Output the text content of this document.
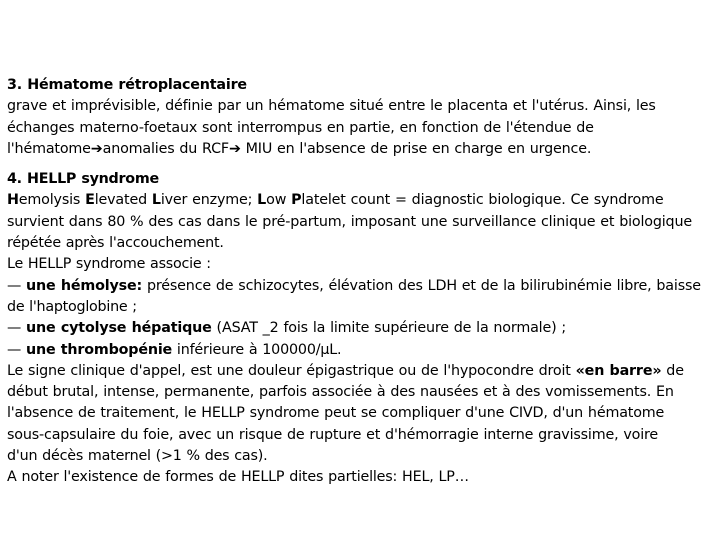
3. Hématome rétroplacentaire
grave et imprévisible, définie par un hématome situé entre le placenta et l'utérus. Ainsi, les
échanges materno-foetaux sont interrompus en partie, en fonction de l'étendue de
l'hématome➔anomalies du RCF➔ MIU en l'absence de prise en charge en urgence.
4. HELLP syndrome
Hemolysis Elevated Liver enzyme; Low Platelet count = diagnostic biologique. Ce syndrome
survient dans 80 % des cas dans le pré-partum, imposant une surveillance clinique et biologique
répétée après l'accouchement.
Le HELLP syndrome associe :
— une hémolyse: présence de schizocytes, élévation des LDH et de la bilirubinémie libre, baisse
de l'haptoglobine ;
— une cytolyse hépatique (ASAT _2 fois la limite supérieure de la normale) ;
— une thrombopénie inférieure à 100000/µL.
Le signe clinique d'appel, est une douleur épigastrique ou de l'hypocondre droit «en barre» de
début brutal, intense, permanente, parfois associée à des nausées et à des vomissements. En
l'absence de traitement, le HELLP syndrome peut se compliquer d'une CIVD, d'un hématome
sous-capsulaire du foie, avec un risque de rupture et d'hémorragie interne gravissime, voire
d'un décès maternel (>1 % des cas).
A noter l'existence de formes de HELLP dites partielles: HEL, LP…
